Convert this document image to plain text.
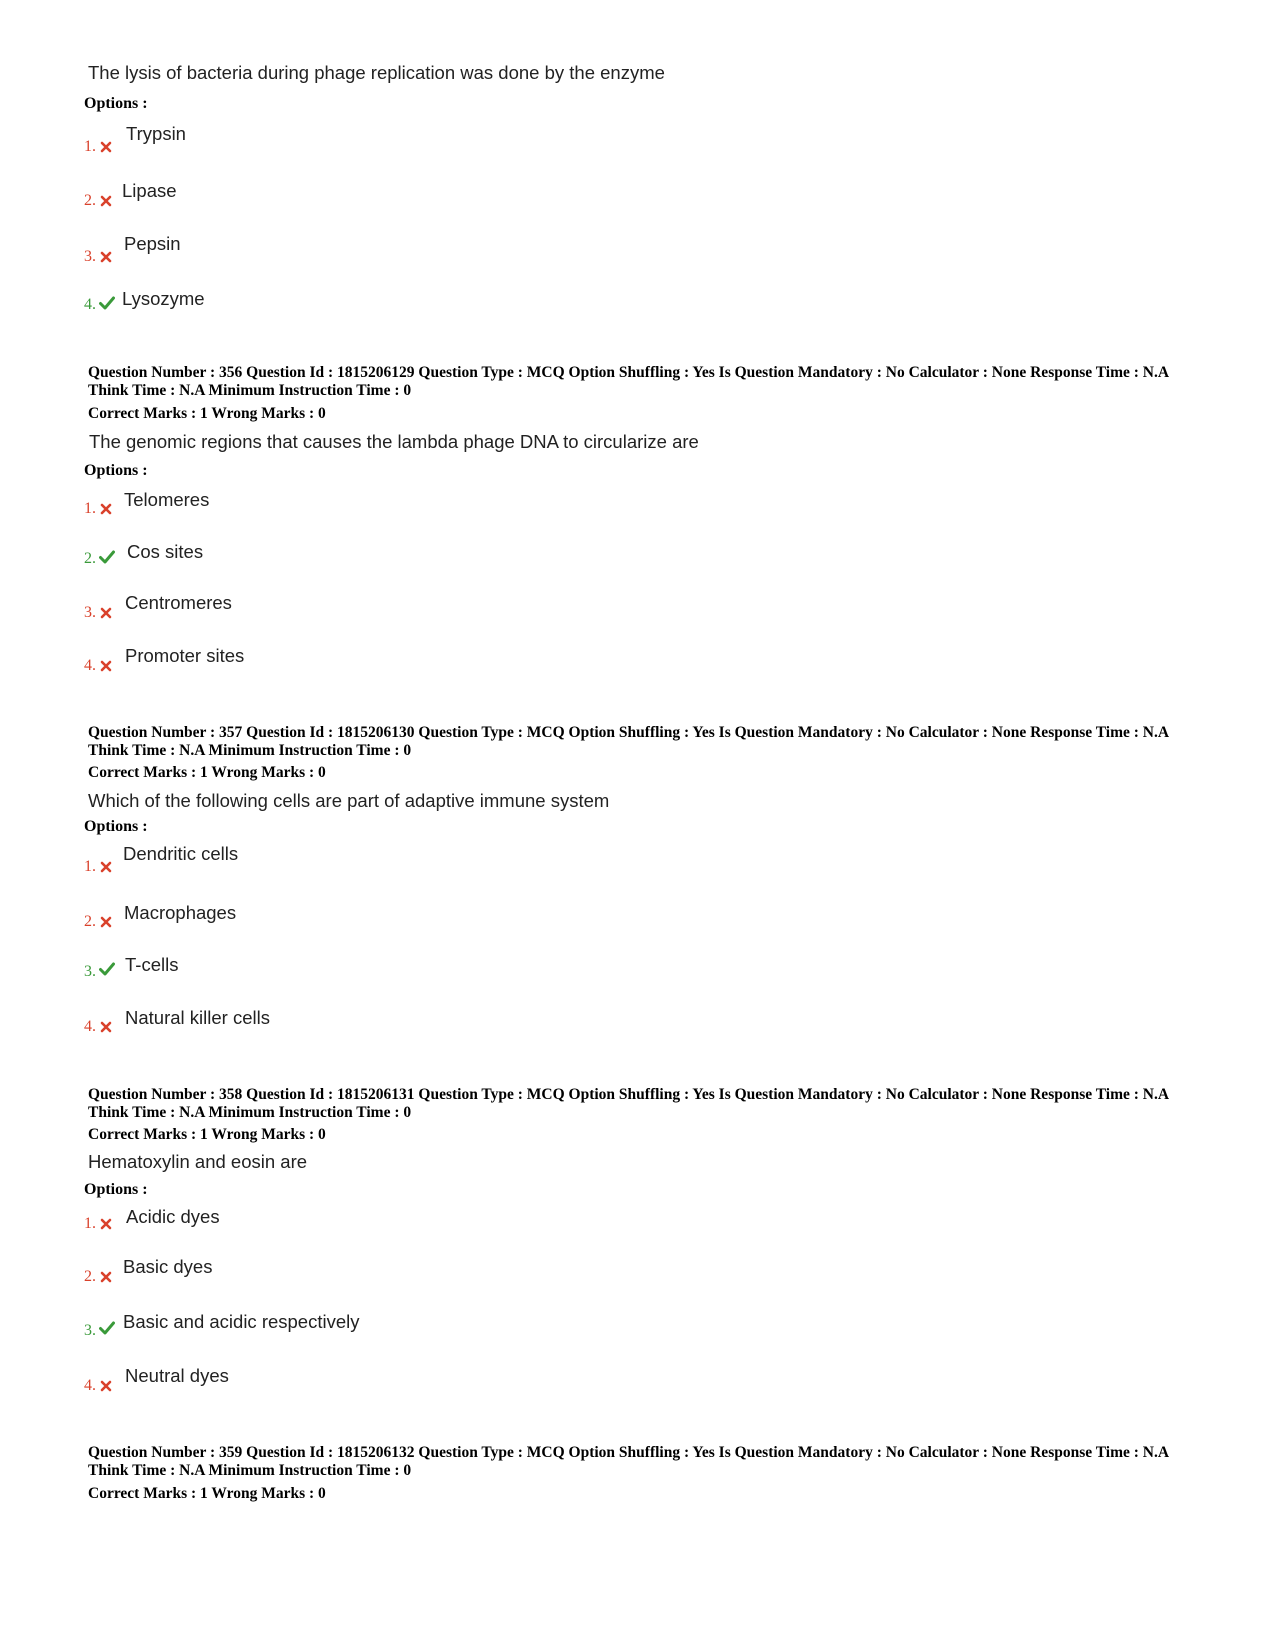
The lysis of bacteria during phage replication was done by the enzyme
Options :
1.
Trypsin
2. Lipase
3.
Pepsin
4. Lysozyme
Question Number : 356 Question Id : 1815206129 Question Type : MCQ Option Shuffling : Yes Is Question Mandatory : No Calculator : None Response Time : N.A Think Time : N.A Minimum Instruction Time : 0
Correct Marks : 1 Wrong Marks : 0
The genomic regions that causes the lambda phage DNA to circularize are
Options :
1. Telomeres
2. Cos sites
3. Centromeres
4. Promoter sites
Question Number : 357 Question Id : 1815206130 Question Type : MCQ Option Shuffling : Yes Is Question Mandatory : No Calculator : None Response Time : N.A Think Time : N.A Minimum Instruction Time : 0
Correct Marks : 1 Wrong Marks : 0
Which of the following cells are part of adaptive immune system
Options :
1.
Dendritic cells
2. Macrophages
3. T-cells
4. Natural killer cells
Question Number : 358 Question Id : 1815206131 Question Type : MCQ Option Shuffling : Yes Is Question Mandatory : No Calculator : None Response Time : N.A Think Time : N.A Minimum Instruction Time : 0
Correct Marks : 1 Wrong Marks : 0
Hematoxylin and eosin are
Options :
1. Acidic dyes
2. Basic dyes
3. Basic and acidic respectively
4. Neutral dyes
Question Number : 359 Question Id : 1815206132 Question Type : MCQ Option Shuffling : Yes Is Question Mandatory : No Calculator : None Response Time : N.A Think Time : N.A Minimum Instruction Time : 0
Correct Marks : 1 Wrong Marks : 0
